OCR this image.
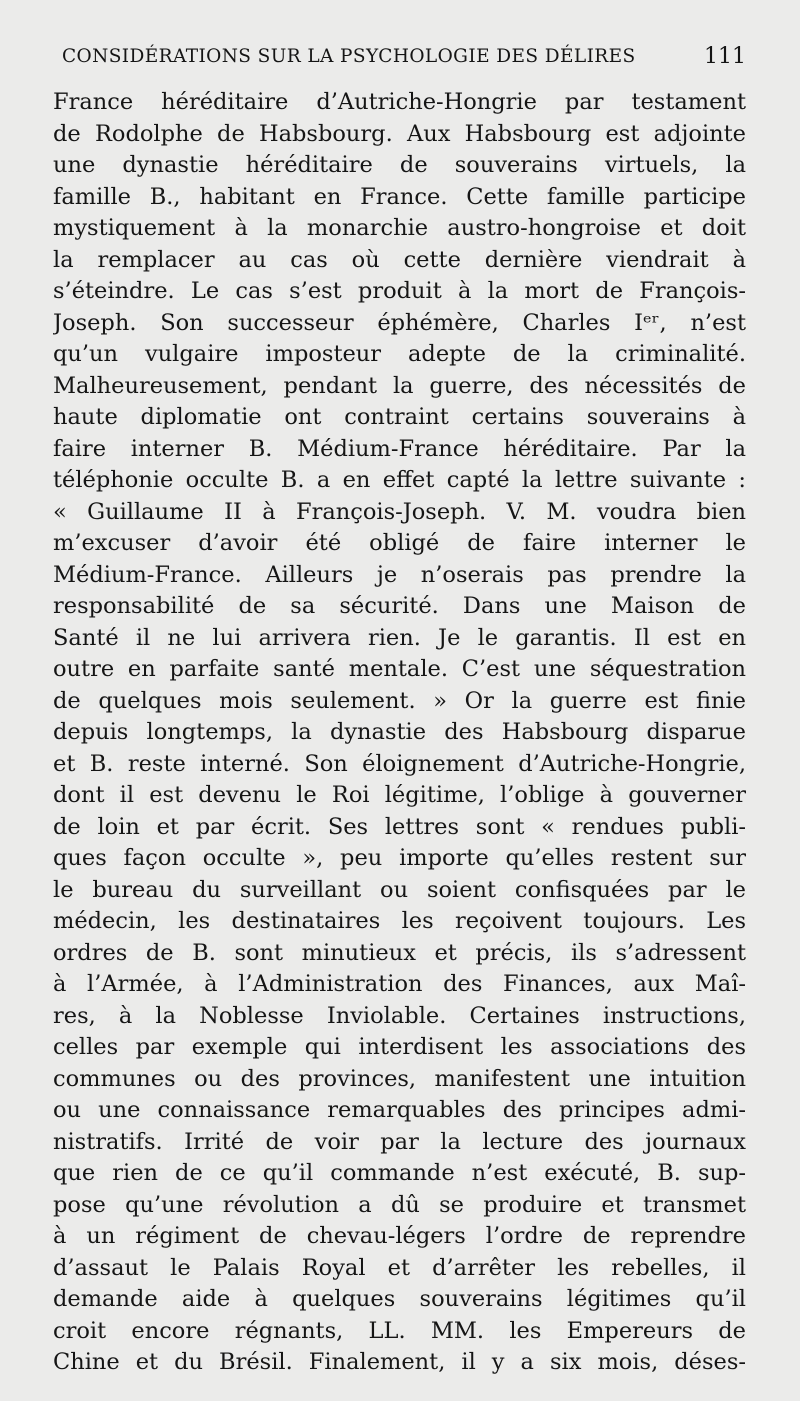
CONSIDÉRATIONS SUR LA PSYCHOLOGIE DES DÉLIRES	111
France héréditaire d’Autriche-Hongrie par testament
de Rodolphe de Habsbourg. Aux Habsbourg est adjointe
une dynastie héréditaire de souverains virtuels, la
famille B., habitant en France. Cette famille participe
mystiquement à la monarchie austro-hongroise et doit
la remplacer au cas où cette dernière viendrait à
s’éteindre. Le cas s’est produit à la mort de François-
Joseph. Son successeur éphémère, Charles Iᵉʳ, n’est
qu’un vulgaire imposteur adepte de la criminalité.
Malheureusement, pendant la guerre, des nécessités de
haute diplomatie ont contraint certains souverains à
faire interner B. Médium-France héréditaire. Par la
téléphonie occulte B. a en effet capté la lettre suivante :
« Guillaume II à François-Joseph. V. M. voudra bien
m’excuser d’avoir été obligé de faire interner le
Médium-France. Ailleurs je n’oserais pas prendre la
responsabilité de sa sécurité. Dans une Maison de
Santé il ne lui arrivera rien. Je le garantis. Il est en
outre en parfaite santé mentale. C’est une séquestration
de quelques mois seulement. » Or la guerre est finie
depuis longtemps, la dynastie des Habsbourg disparue
et B. reste interné. Son éloignement d’Autriche-Hongrie,
dont il est devenu le Roi légitime, l’oblige à gouverner
de loin et par écrit. Ses lettres sont « rendues publi-
ques façon occulte », peu importe qu’elles restent sur
le bureau du surveillant ou soient confisquées par le
médecin, les destinataires les reçoivent toujours. Les
ordres de B. sont minutieux et précis, ils s’adressent
à l’Armée, à l’Administration des Finances, aux Maî-
res, à la Noblesse Inviolable. Certaines instructions,
celles par exemple qui interdisent les associations des
communes ou des provinces, manifestent une intuition
ou une connaissance remarquables des principes admi-
nistratifs. Irrité de voir par la lecture des journaux
que rien de ce qu’il commande n’est exécuté, B. sup-
pose qu’une révolution a dû se produire et transmet
à un régiment de chevau-légers l’ordre de reprendre
d’assaut le Palais Royal et d’arrêter les rebelles, il
demande aide à quelques souverains légitimes qu’il
croit encore régnants, LL. MM. les Empereurs de
Chine et du Brésil. Finalement, il y a six mois, déses-
